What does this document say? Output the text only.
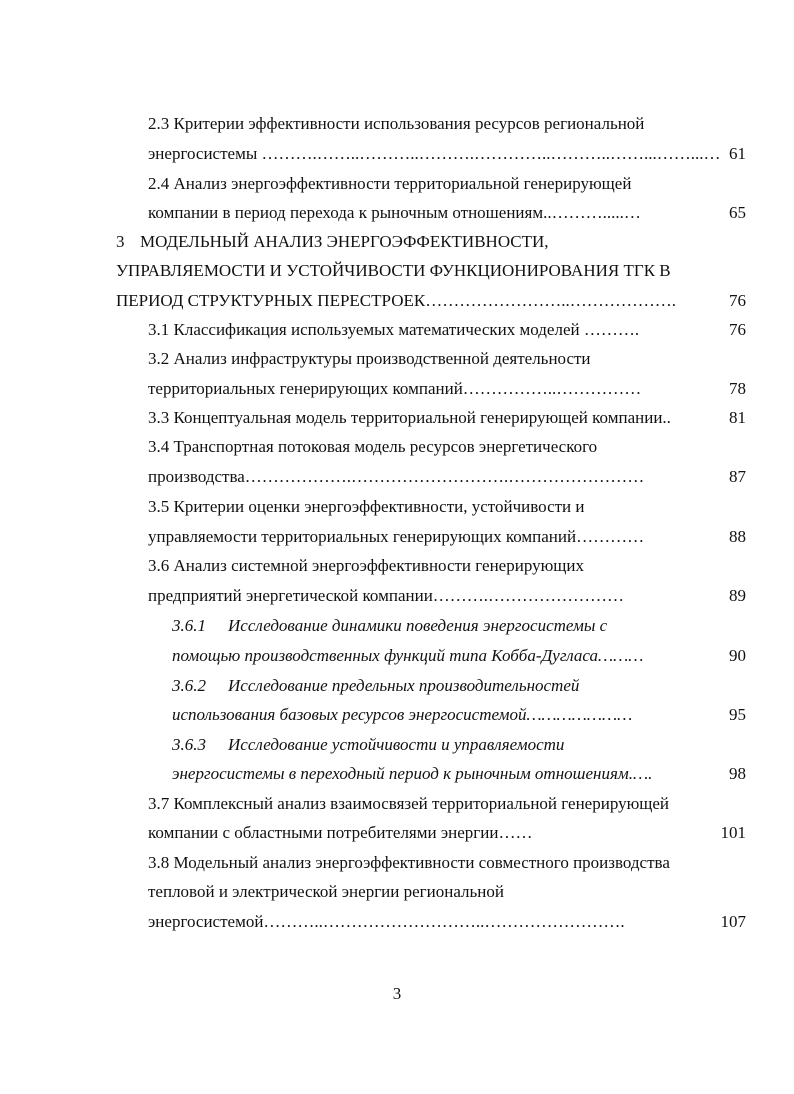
2.3 Критерии эффективности использования ресурсов региональной
энергосистемы ……….……..………..……….…………..………..……...……...… 61
2.4 Анализ энергоэффективности территориальной генерирующей
компании в период перехода к рыночным отношениям..……….....…	65
3 МОДЕЛЬНЫЙ АНАЛИЗ ЭНЕРГОЭФФЕКТИВНОСТИ,
УПРАВЛЯЕМОСТИ И УСТОЙЧИВОСТИ ФУНКЦИОНИРОВАНИЯ ТГК В
ПЕРИОД СТРУКТУРНЫХ ПЕРЕСТРОЕК……………………..……………….	76
3.1 Классификация используемых математических моделей ……….	76
3.2 Анализ инфраструктуры производственной деятельности
территориальных генерирующих компаний……………..……………	78
3.3 Концептуальная модель территориальной генерирующей компании..	81
3.4 Транспортная потоковая модель ресурсов энергетического
производства……………….……………………….……………………	87
3.5 Критерии оценки энергоэффективности, устойчивости и
управляемости территориальных генерирующих компаний…………	88
3.6 Анализ системной энергоэффективности генерирующих
предприятий энергетической компании……….……………………	89
3.6.1 Исследование динамики поведения энергосистемы с
помощью производственных функций типа Кобба-Дугласа………	90
3.6.2 Исследование предельных производительностей
использования базовых ресурсов энергосистемой…………………	95
3.6.3 Исследование устойчивости и управляемости
энергосистемы в переходный период к рыночным отношениям.….	98
3.7 Комплексный анализ взаимосвязей территориальной генерирующей
компании с областными потребителями энергии……	101
3.8 Модельный анализ энергоэффективности совместного производства
тепловой и электрической энергии региональной
энергосистемой………..………………………..…………………….	107
3
